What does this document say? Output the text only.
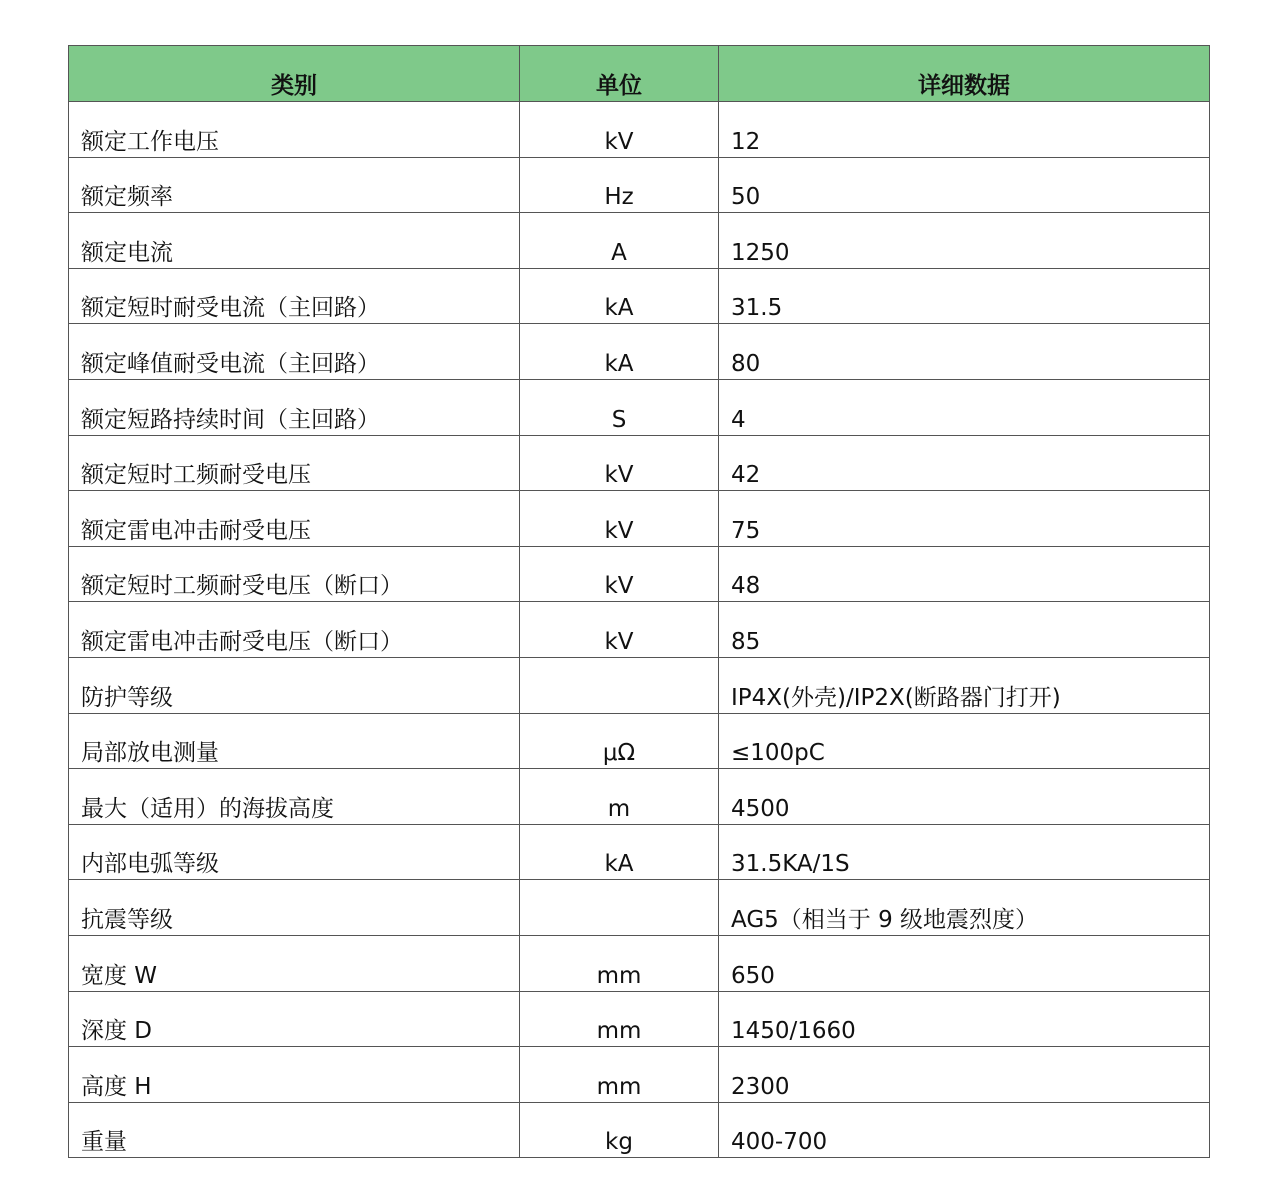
类别	单位	详细数据
额定工作电压	kV	12
额定频率	Hz	50
额定电流	A	1250
额定短时耐受电流（主回路）	kA	31.5
额定峰值耐受电流（主回路）	kA	80
额定短路持续时间（主回路）	S	4
额定短时工频耐受电压	kV	42
额定雷电冲击耐受电压	kV	75
额定短时工频耐受电压（断口）	kV	48
额定雷电冲击耐受电压（断口）	kV	85
防护等级		IP4X(外壳)/IP2X(断路器门打开)
局部放电测量	μΩ	≤100pC
最大（适用）的海拔高度	m	4500
内部电弧等级	kA	31.5KA/1S
抗震等级		AG5（相当于 9 级地震烈度）
宽度 W	mm	650
深度 D	mm	1450/1660
高度 H	mm	2300
重量	kg	400-700
